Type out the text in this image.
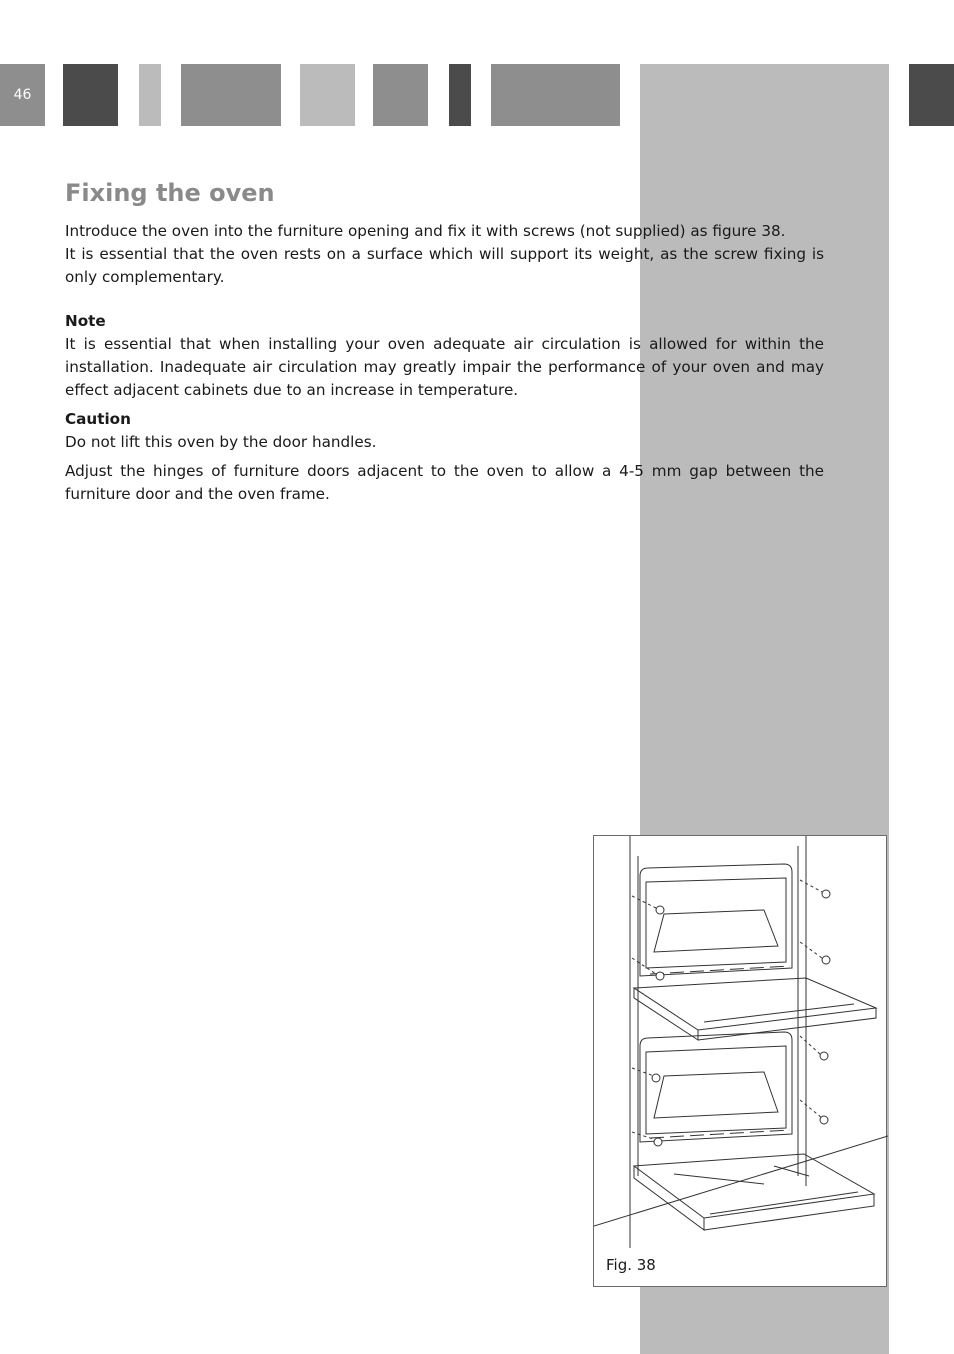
46
Fixing the oven

Introduce the oven into the furniture opening and fix it with screws (not supplied) as figure 38.

It is essential that the oven rests on a surface which will support its weight, as the screw fixing is only complementary.

Note

It is essential that when installing your oven adequate air circulation is allowed for within the installation. Inadequate air circulation may greatly impair the performance of your oven and may effect adjacent cabinets due to an increase in temperature.

Caution

Do not lift this oven by the door handles.

Adjust the hinges of furniture doors adjacent to the oven to allow a 4-5 mm gap between the furniture door and the oven frame.

Fig. 38
